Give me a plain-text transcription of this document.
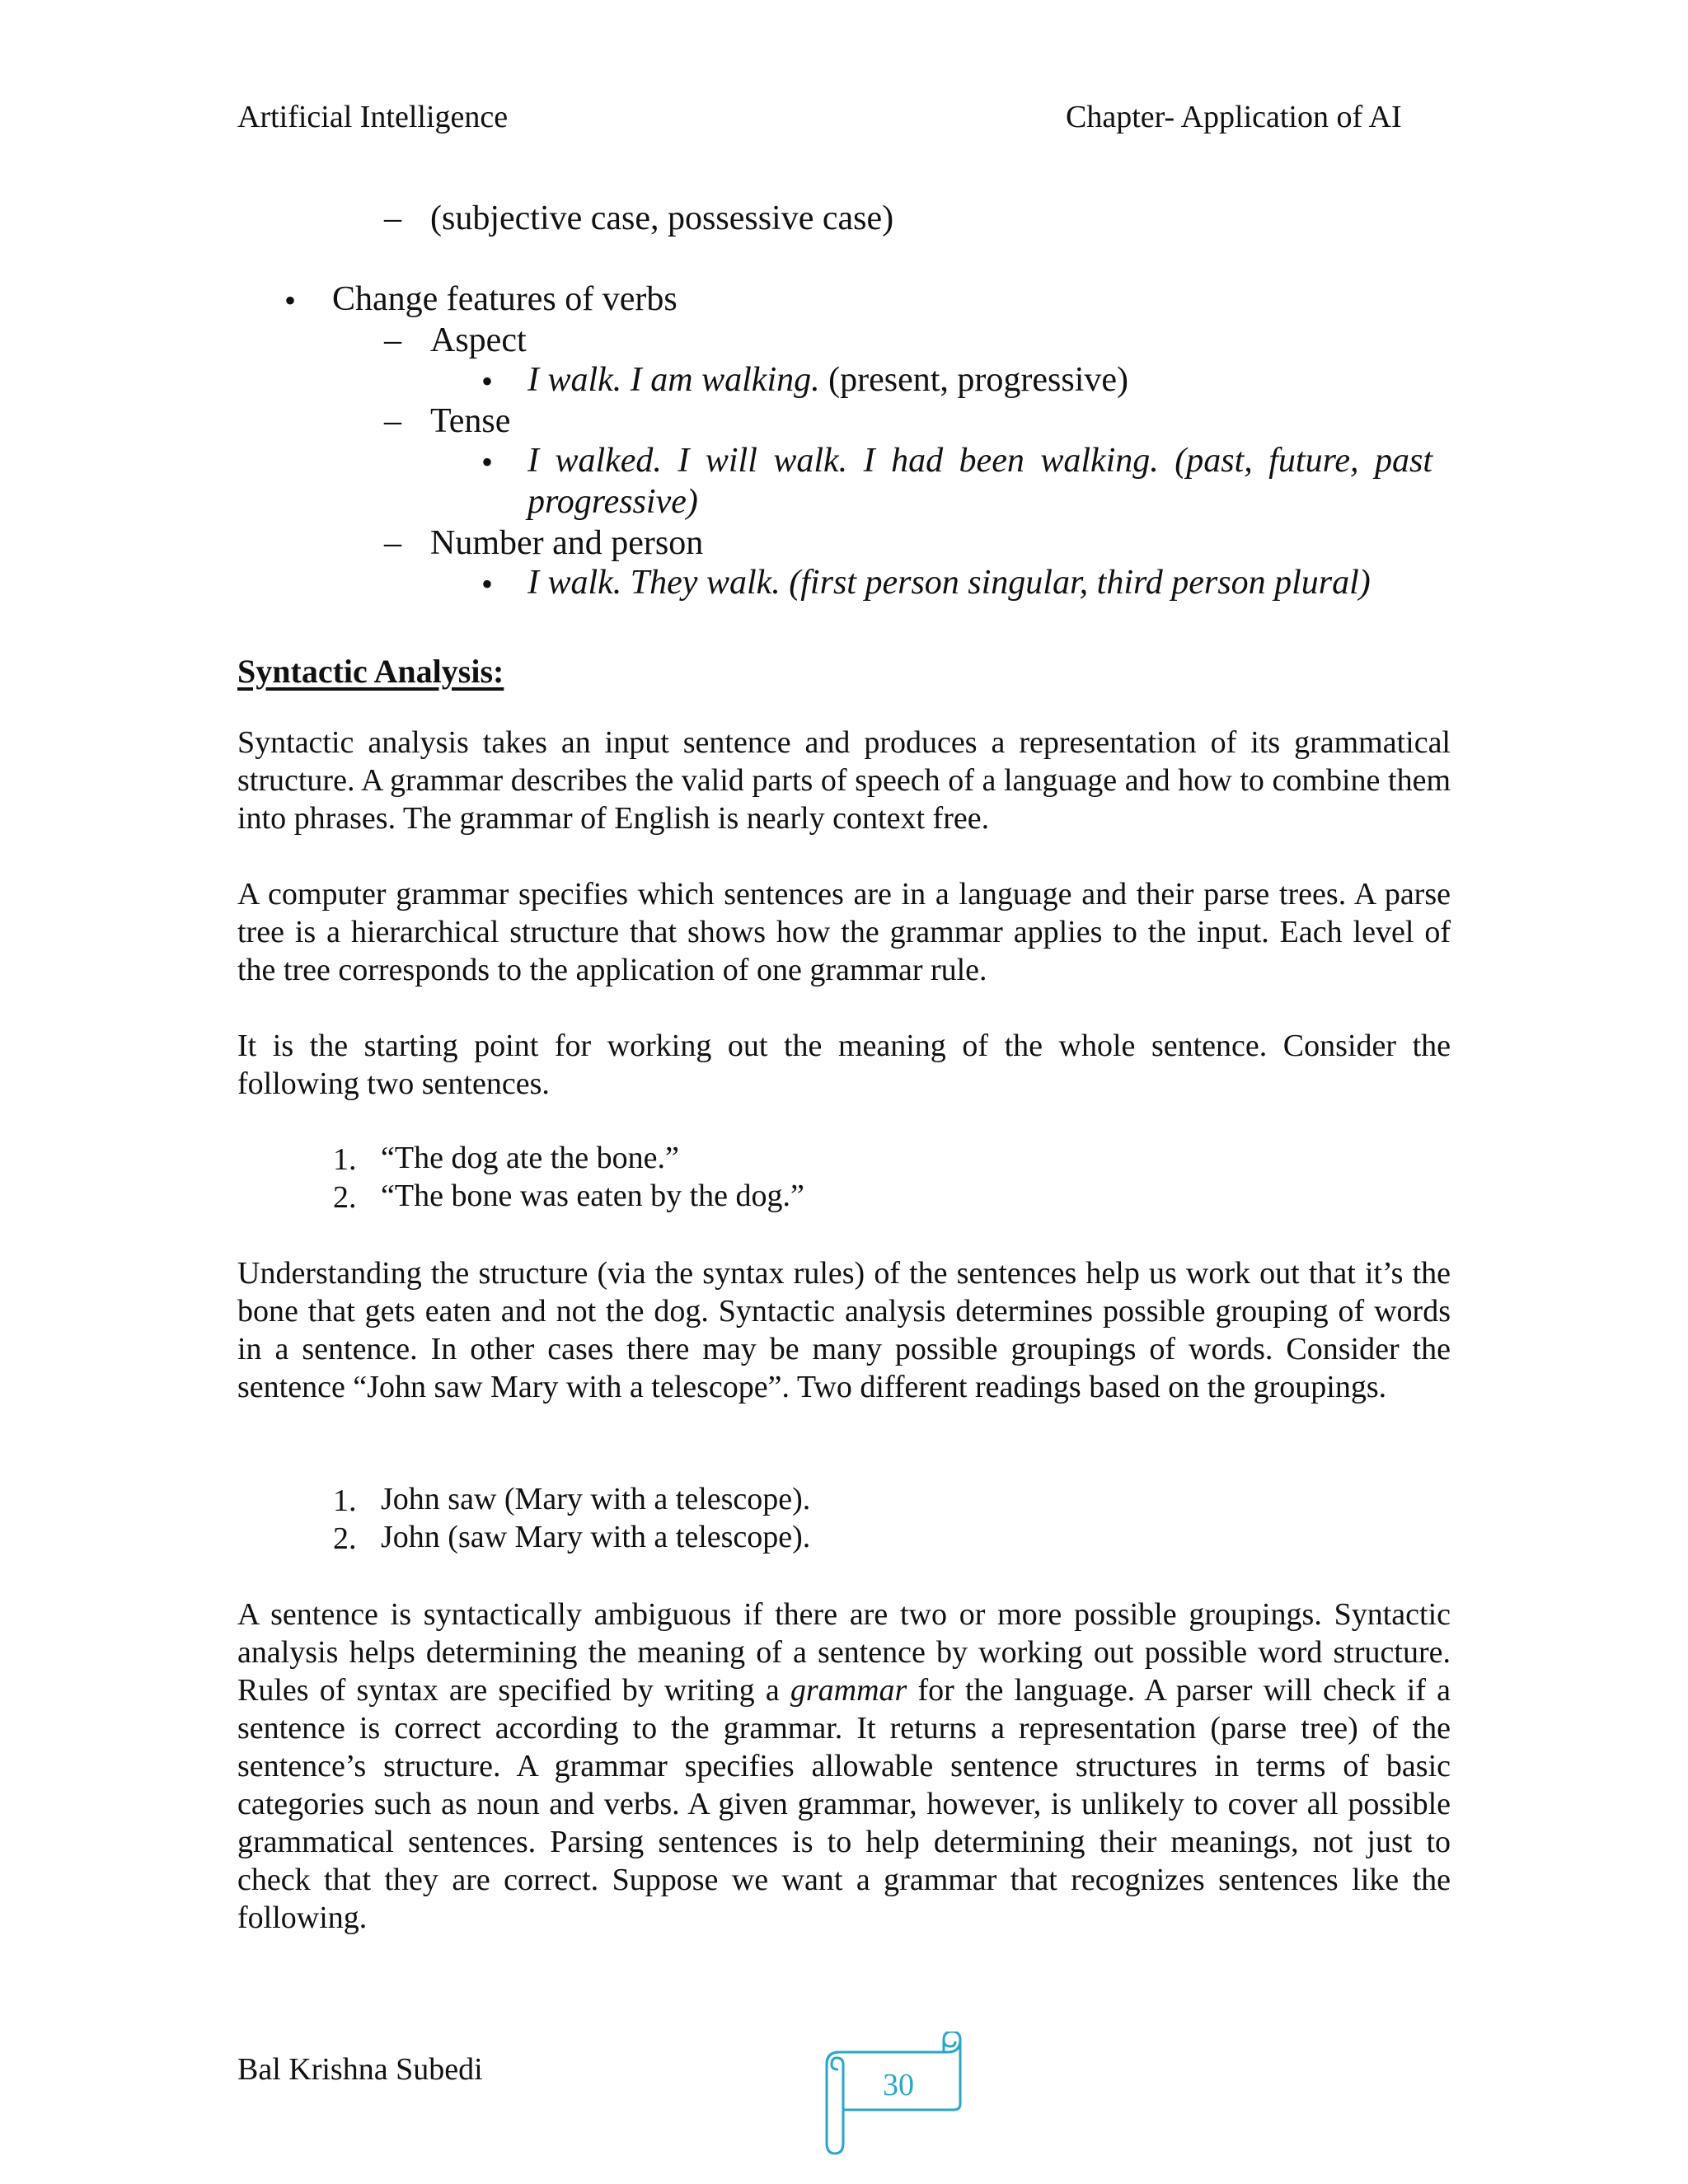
Artificial Intelligence	Chapter- Application of AI
– (subjective case, possessive case)
• Change features of verbs
– Aspect
• I walk. I am walking. (present, progressive)
– Tense
• I walked. I will walk. I had been walking. (past, future, past
progressive)
– Number and person
• I walk. They walk. (first person singular, third person plural)
Syntactic Analysis:
Syntactic analysis takes an input sentence and produces a representation of its grammatical structure. A grammar describes the valid parts of speech of a language and how to combine them into phrases. The grammar of English is nearly context free.
A computer grammar specifies which sentences are in a language and their parse trees. A parse tree is a hierarchical structure that shows how the grammar applies to the input. Each level of the tree corresponds to the application of one grammar rule.
It is the starting point for working out the meaning of the whole sentence. Consider the following two sentences.
1. “The dog ate the bone.”
2. “The bone was eaten by the dog.”
Understanding the structure (via the syntax rules) of the sentences help us work out that it’s the bone that gets eaten and not the dog. Syntactic analysis determines possible grouping of words in a sentence. In other cases there may be many possible groupings of words. Consider the sentence “John saw Mary with a telescope”. Two different readings based on the groupings.
1. John saw (Mary with a telescope).
2. John (saw Mary with a telescope).
A sentence is syntactically ambiguous if there are two or more possible groupings. Syntactic analysis helps determining the meaning of a sentence by working out possible word structure. Rules of syntax are specified by writing a grammar for the language. A parser will check if a sentence is correct according to the grammar. It returns a representation (parse tree) of the sentence’s structure. A grammar specifies allowable sentence structures in terms of basic categories such as noun and verbs. A given grammar, however, is unlikely to cover all possible grammatical sentences. Parsing sentences is to help determining their meanings, not just to check that they are correct. Suppose we want a grammar that recognizes sentences like the following.
Bal Krishna Subedi	30
